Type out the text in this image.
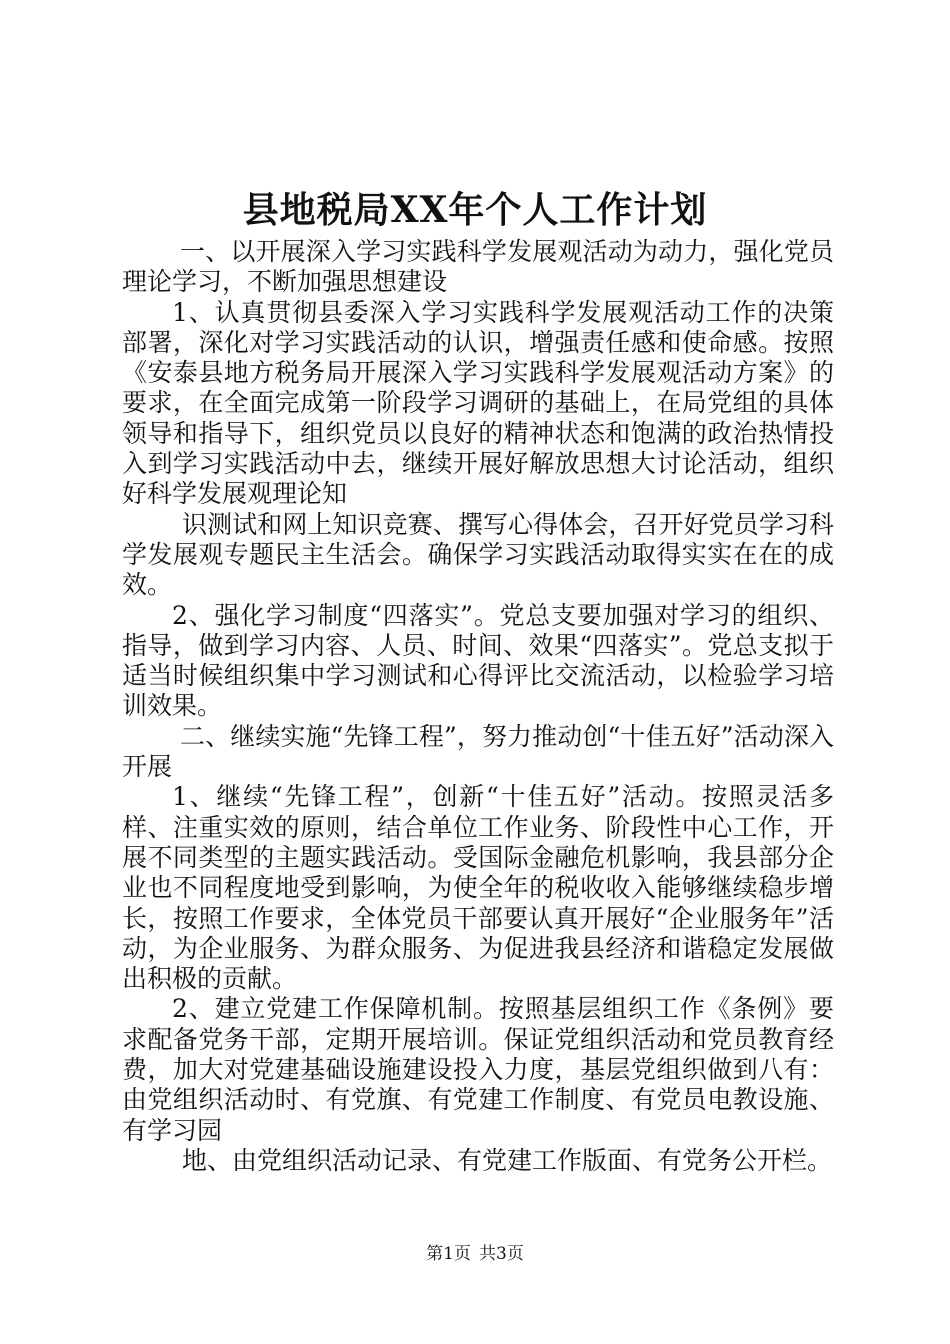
县地税局XX年个人工作计划

一、以开展深入学习实践科学发展观活动为动力，强化党员理论学习，不断加强思想建设

1、认真贯彻县委深入学习实践科学发展观活动工作的决策部署，深化对学习实践活动的认识，增强责任感和使命感。按照《安泰县地方税务局开展深入学习实践科学发展观活动方案》的要求，在全面完成第一阶段学习调研的基础上，在局党组的具体领导和指导下，组织党员以良好的精神状态和饱满的政治热情投入到学习实践活动中去，继续开展好解放思想大讨论活动，组织好科学发展观理论知

识测试和网上知识竞赛、撰写心得体会，召开好党员学习科学发展观专题民主生活会。确保学习实践活动取得实实在在的成效。

2、强化学习制度“四落实”。党总支要加强对学习的组织、指导，做到学习内容、人员、时间、效果“四落实”。党总支拟于适当时候组织集中学习测试和心得评比交流活动，以检验学习培训效果。

二、继续实施“先锋工程”，努力推动创“十佳五好”活动深入开展

1、继续“先锋工程”，创新“十佳五好”活动。按照灵活多样、注重实效的原则，结合单位工作业务、阶段性中心工作，开展不同类型的主题实践活动。受国际金融危机影响，我县部分企业也不同程度地受到影响，为使全年的税收收入能够继续稳步增长，按照工作要求，全体党员干部要认真开展好“企业服务年”活动，为企业服务、为群众服务、为促进我县经济和谐稳定发展做出积极的贡献。

2、建立党建工作保障机制。按照基层组织工作《条例》要求配备党务干部，定期开展培训。保证党组织活动和党员教育经费，加大对党建基础设施建设投入力度，基层党组织做到八有：由党组织活动时、有党旗、有党建工作制度、有党员电教设施、有学习园

地、由党组织活动记录、有党建工作版面、有党务公开栏。

第1页 共3页
